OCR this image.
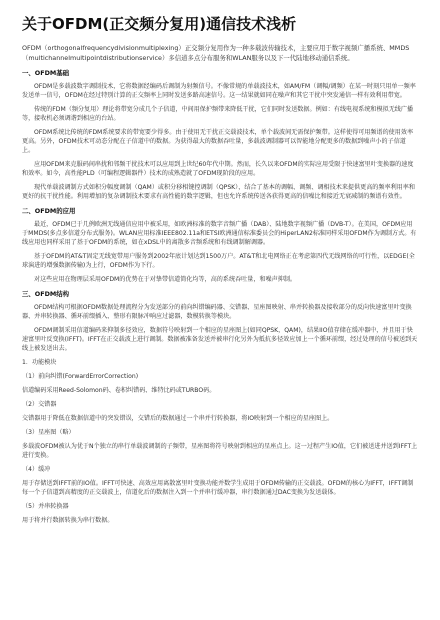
关于OFDM(正交频分复用)通信技术浅析

OFDM（orthogonalfrequencydivisionmultiplexing）正交频分复用作为一种多载波传输技术，主要应用于数字视频广播系统、MMDS（multichannelmultipointdistributionservice）多信道多点分布服务和WLAN服务以及下一代陆地移动通信系统。

一、OFDM基础

OFDM是多载波数字调制技术，它将数据经编码后调制为射频信号。不像常规的单载波技术，如AM/FM（调幅/调频）在某一时刻只用单一频率发送单一信号，OFDM在经过特别计算的正交频率上同时发送多路高速信号。这一结果就如同在噪声和其它干扰中突发通信一样有效利用带宽。

传统的FDM（频分复用）理论将带宽分成几个子信道，中间用保护频带来降低干扰，它们同时发送数据。例如：有线电视系统和模拟无线广播等，接收机必须调谐到相应的台站。

OFDM系统比传统的FDM系统要求的带宽要少得多。由于使用无干扰正交载波技术，单个载波间无需保护频带。这样使得可用频谱的使用效率更高。另外，OFDM技术可动态分配在子信道中的数据。为获得最大的数据吞吐量，多载波调制器可以智能地分配更多的数据到噪声小的子信道上。

应用OFDM来克服码间串扰和邻频干扰技术可以应用到上世纪60年代中期。然而，长久以来OFDM的实际应用受限于快速富里叶变换器的速度和效率。如今，高性能PLD（可编程逻辑器件）技术的成熟造就了OFDM现阶段的应用。

现代单载波调制方式如积分幅度调制（QAM）或积分移相键控调制（QPSK），结合了基本的调幅、调频、调相技术来提供更高的频率利用率和更好的抗干扰性能。利用增加的复杂调制技术要求有高性能的数字逻辑，但也允许系统传送各获得更高的信噪比和接近无衰减制的频谱有效性。

二、OFDM的应用

最近，OFDM已于几例欧洲无线通信应用中被采用，如欧洲标准的数字音频广播（DAB）、陆地数字视频广播（DVB-T）。在美国，OFDM应用于MMDS(多点多信道分布式服务)。WLAN应用标准IEEE802.11a和ETSI欧洲通信标准委员会的HiperLAN2标准同样采用OFDM作为调制方式。有线应用也同样采用了基于OFDM的系统，如在xDSL中的离散多音频系统和有线调制解调器。

基于OFDM的AT&T固定无线宽带用户服务到2002年底计划达到1500万户。AT&T和北电网络正在考虑第四代无线网络的可行性，以EDGE(全球演进的增强数据传输)为上行，OFDM作为下行。

对这些应用在物理层采用OFDM的优势在于对挚带信道简化均等，高的系统吞吐量，和噪声抑制。

三、OFDM结构

OFDM结构可根据OFDM数据处理流程分为发送部分的前向纠错编码器、交错器、星座图映射、串并转换器及接收部分的反向快速富里叶变换器、并串转换器、循环前缀插入、整形有限脉冲响应过滤器，数模转换等模块。

OFDM调制采用信道编码来抑制多径效应，数据符号映射到一个相应的星座图上(如同QPSK，QAM)，结果IIO值存储在缓冲器中，并且用于快速富里叶反变换(IFFT)。IFFT在正交载波上进行调制。数据被准备发送并被串行化另外为抵抗多径效应加上一个循环前缀，经过处理的信号被送到天线上被发送出去。

1．功能模块

（1）前向纠错(ForwardErrorCorrection)

信道编码采用Reed-Solomon码、卷积纠错码、维特比码或TURBO码。

（2）交错器

交错器用于降低在数据信道中的突发错误，交错后的数据通过一个串并行转换器，将IO映射到一个相应的星座图上。

（3）星座图（略）

多载波OFDM被认为优于N个独立的串行单载波调制的子频带，星座图将符号映射到相应的星座点上。这一过程产生IO值，它们被送进并送到IFFT上进行变换。

（4）缓冲

用于存储送到IFFT前的IO值。IFFT可快速、高效应用离散富里叶变换功能并数学生成用于OFDM传输的正交载波。OFDM的核心为IFFT，IFFT调制每一个子信道到高精度的正交载波上，信道化后的数据注入到一个并串行缓冲器，串行数据通过DAC变换为发送载体。

（5）并串转换器

用于将并行数据转换为串行数据。
